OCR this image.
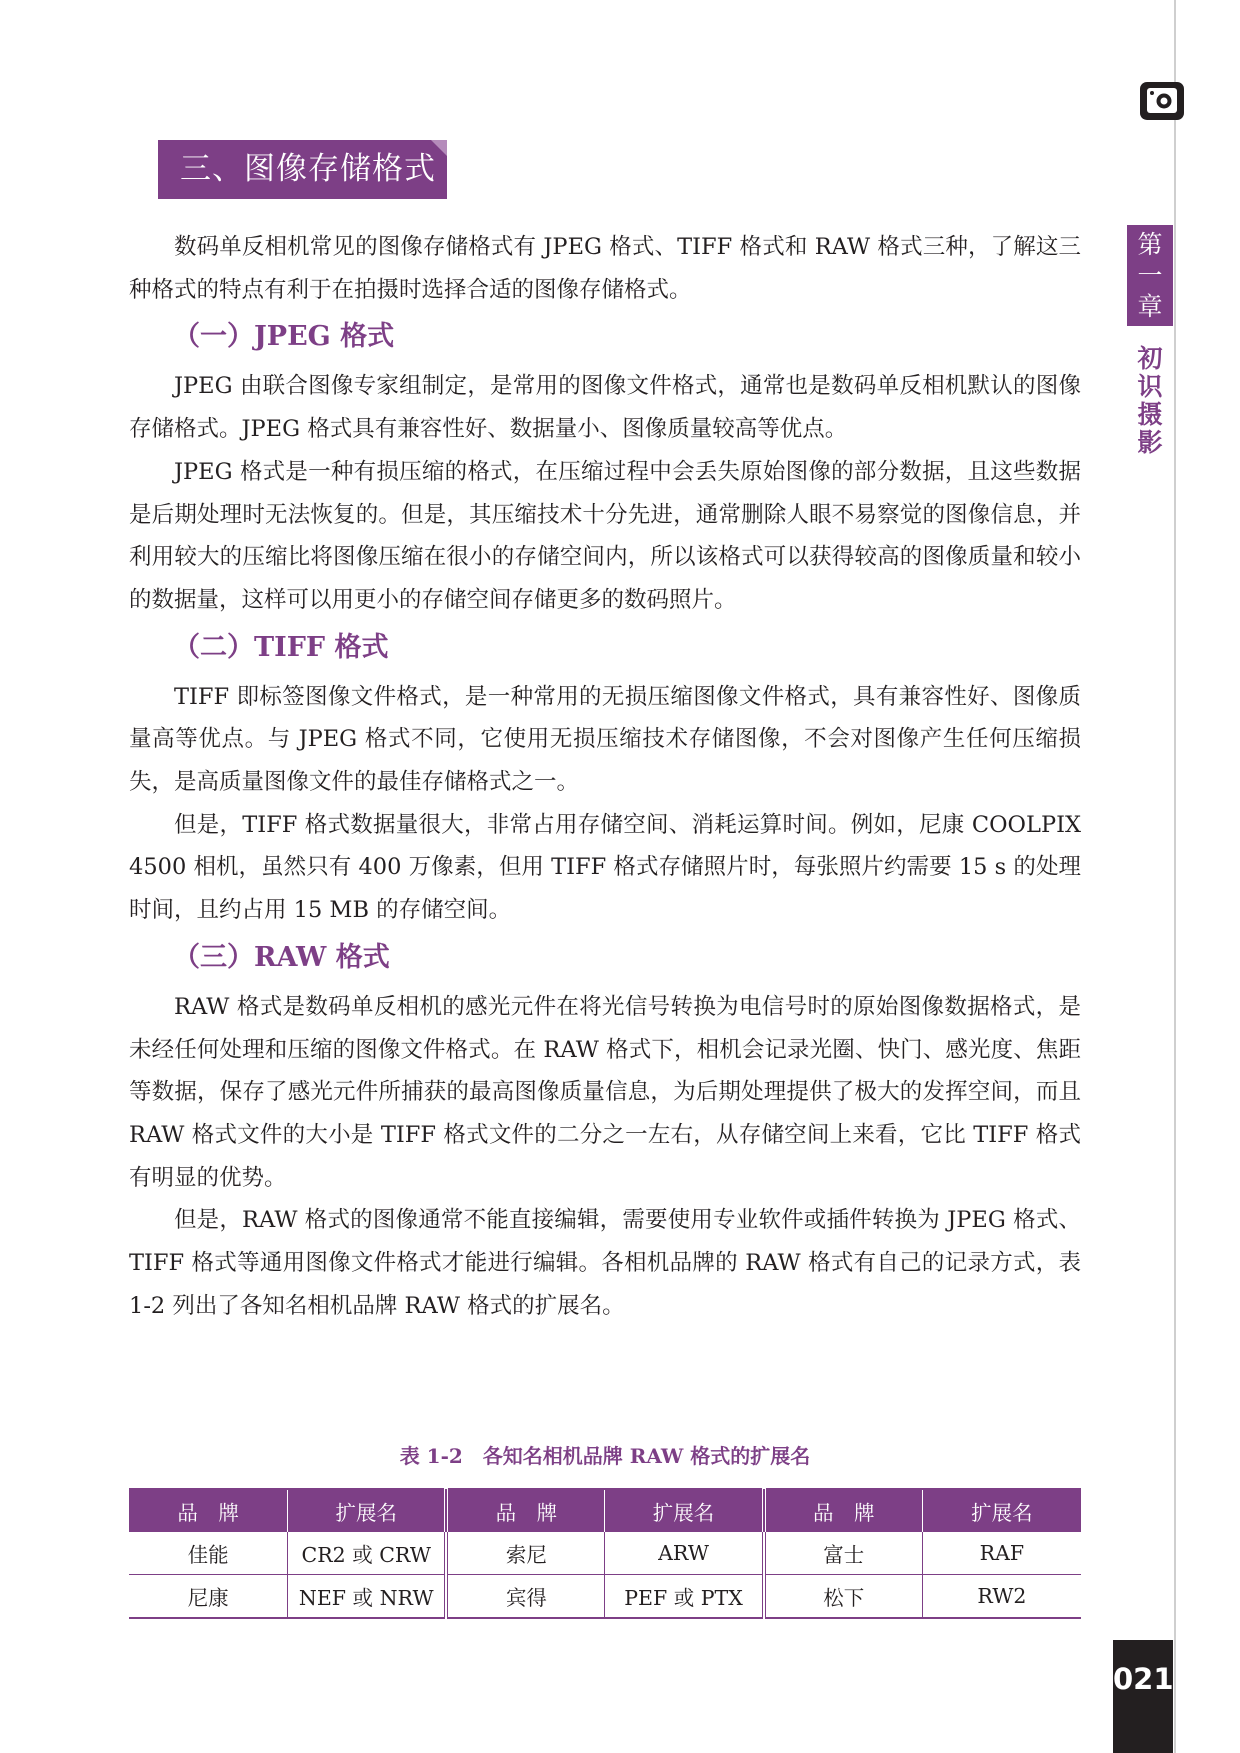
第
一
章
初
识
摄
影
021
三、图像存储格式

数码单反相机常见的图像存储格式有 JPEG 格式、TIFF 格式和 RAW 格式三种，了解这三种格式的特点有利于在拍摄时选择合适的图像存储格式。

（一）JPEG 格式

JPEG 由联合图像专家组制定，是常用的图像文件格式，通常也是数码单反相机默认的图像存储格式。JPEG 格式具有兼容性好、数据量小、图像质量较高等优点。

JPEG 格式是一种有损压缩的格式，在压缩过程中会丢失原始图像的部分数据，且这些数据是后期处理时无法恢复的。但是，其压缩技术十分先进，通常删除人眼不易察觉的图像信息，并利用较大的压缩比将图像压缩在很小的存储空间内，所以该格式可以获得较高的图像质量和较小的数据量，这样可以用更小的存储空间存储更多的数码照片。

（二）TIFF 格式

TIFF 即标签图像文件格式，是一种常用的无损压缩图像文件格式，具有兼容性好、图像质量高等优点。与 JPEG 格式不同，它使用无损压缩技术存储图像，不会对图像产生任何压缩损失，是高质量图像文件的最佳存储格式之一。

但是，TIFF 格式数据量很大，非常占用存储空间、消耗运算时间。例如，尼康 COOLPIX 4500 相机，虽然只有 400 万像素，但用 TIFF 格式存储照片时，每张照片约需要 15 s 的处理时间，且约占用 15 MB 的存储空间。

（三）RAW 格式

RAW 格式是数码单反相机的感光元件在将光信号转换为电信号时的原始图像数据格式，是未经任何处理和压缩的图像文件格式。在 RAW 格式下，相机会记录光圈、快门、感光度、焦距等数据，保存了感光元件所捕获的最高图像质量信息，为后期处理提供了极大的发挥空间，而且 RAW 格式文件的大小是 TIFF 格式文件的二分之一左右，从存储空间上来看，它比 TIFF 格式有明显的优势。

但是，RAW 格式的图像通常不能直接编辑，需要使用专业软件或插件转换为 JPEG 格式、TIFF 格式等通用图像文件格式才能进行编辑。各相机品牌的 RAW 格式有自己的记录方式，表 1-2 列出了各知名相机品牌 RAW 格式的扩展名。

表 1-2　各知名相机品牌 RAW 格式的扩展名
品　牌	扩展名	品　牌	扩展名	品　牌	扩展名
佳能	CR2 或 CRW	索尼	ARW	富士	RAF
尼康	NEF 或 NRW	宾得	PEF 或 PTX	松下	RW2
